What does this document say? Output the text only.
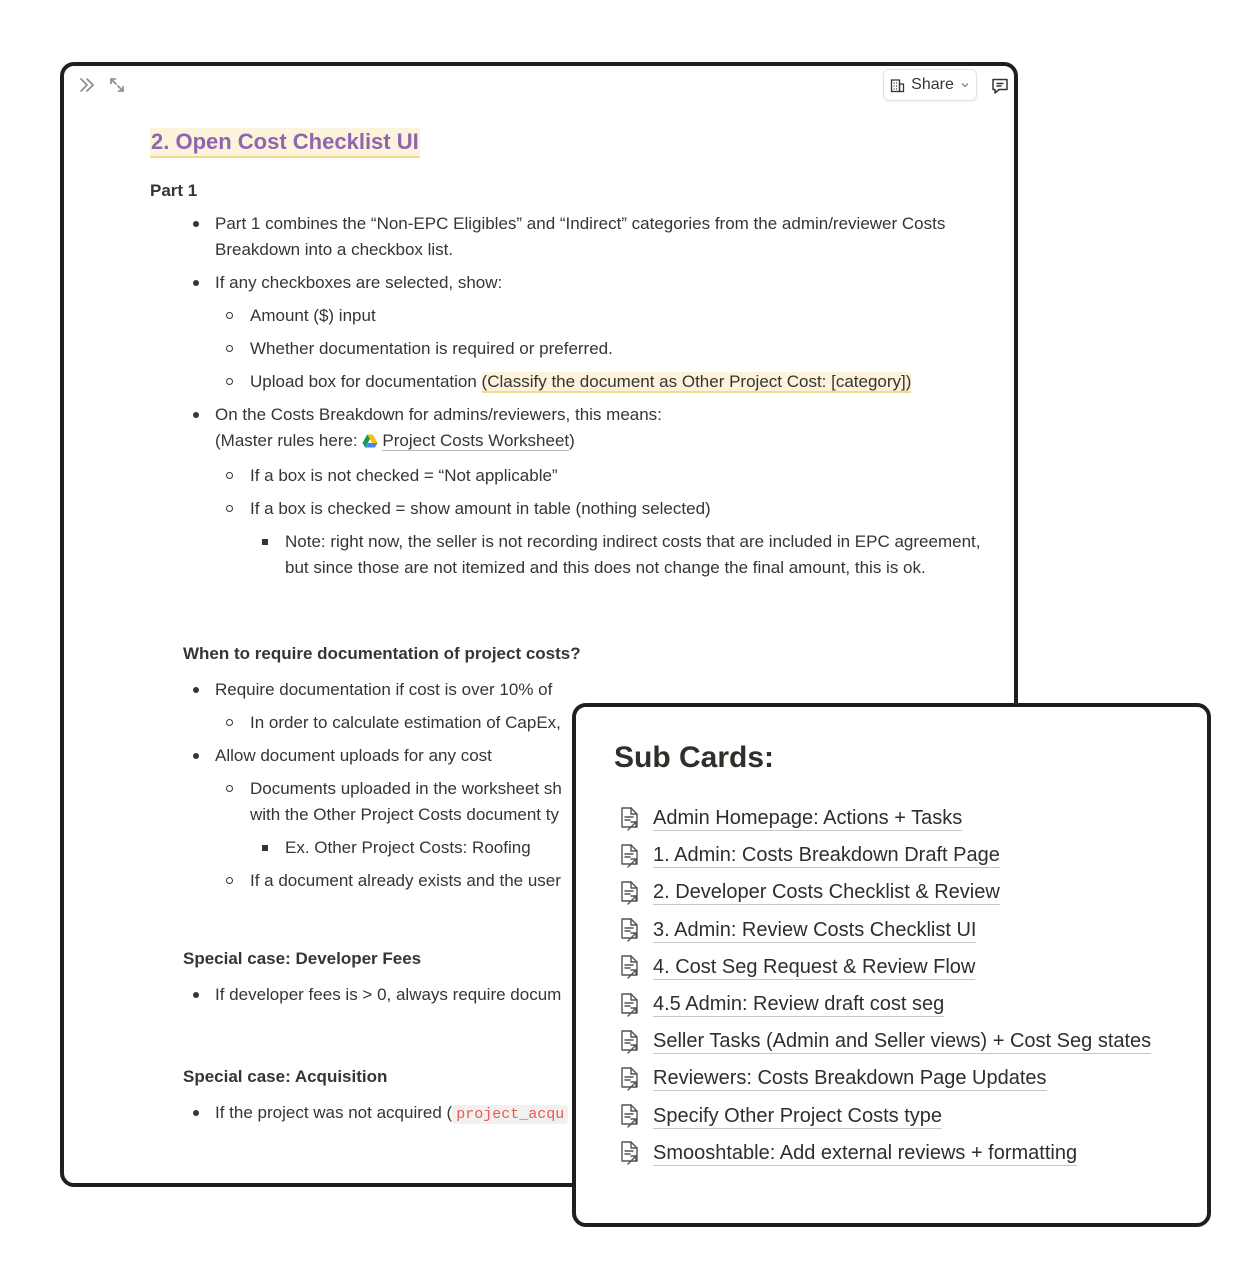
Share
2. Open Cost Checklist UI
Part 1
Part 1 combines the “Non-EPC Eligibles” and “Indirect” categories from the admin/reviewer Costs Breakdown into a checkbox list.
If any checkboxes are selected, show:
Amount ($) input
Whether documentation is required or preferred.
Upload box for documentation (Classify the document as Other Project Cost: [category])
On the Costs Breakdown for admins/reviewers, this means:
(Master rules here: Project Costs Worksheet)
If a box is not checked = “Not applicable”
If a box is checked = show amount in table (nothing selected)
Note: right now, the seller is not recording indirect costs that are included in EPC agreement, but since those are not itemized and this does not change the final amount, this is ok.
When to require documentation of project costs?
Require documentation if cost is over 10% of
In order to calculate estimation of CapEx,
Allow document uploads for any cost
Documents uploaded in the worksheet sh
with the Other Project Costs document ty
Ex. Other Project Costs: Roofing
If a document already exists and the user
Special case: Developer Fees
If developer fees is > 0, always require docum
Special case: Acquisition
If the project was not acquired ( project_acqu
Sub Cards:
Admin Homepage: Actions + Tasks
1. Admin: Costs Breakdown Draft Page
2. Developer Costs Checklist & Review
3. Admin: Review Costs Checklist UI
4. Cost Seg Request & Review Flow
4.5 Admin: Review draft cost seg
Seller Tasks (Admin and Seller views) + Cost Seg states
Reviewers: Costs Breakdown Page Updates
Specify Other Project Costs type
Smooshtable: Add external reviews + formatting
